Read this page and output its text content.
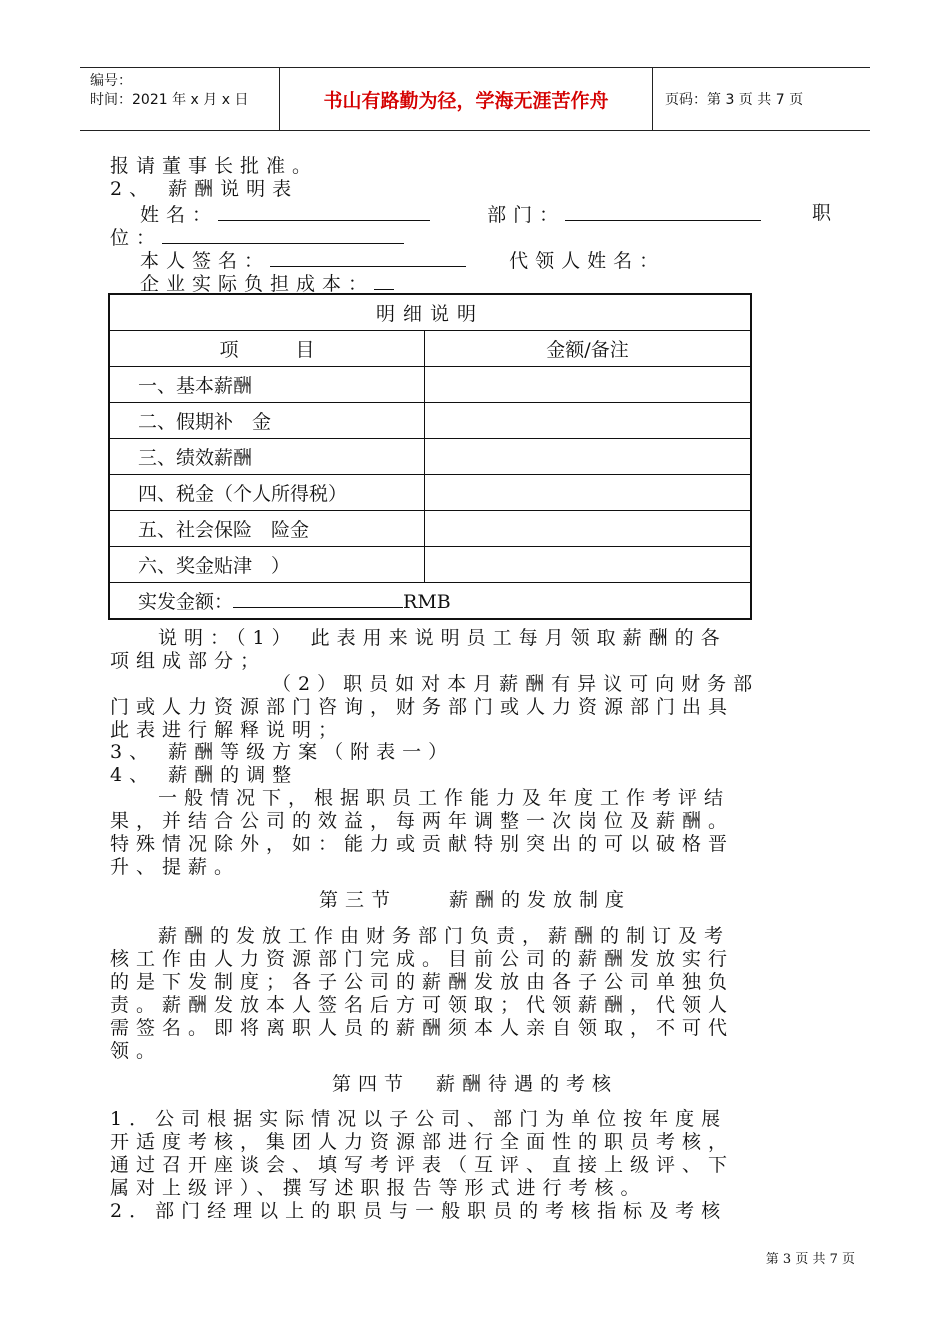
编号：
时间：2021 年 x 月 x 日	书山有路勤为径，学海无涯苦作舟	页码：第 3 页 共 7 页
报请董事长批准。
2、 薪酬说明表
姓名：	部门：	职
位：
本人签名：	代领人姓名：
企业实际负担成本：
明细说明	
项　　　目	金额/备注
一、基本薪酬	
二、假期补　金	
三、绩效薪酬	
四、税金（个人所得税）	
五、社会保险　险金	
六、奖金贴津　）	
实发金额： RMB	
说明：（1） 此表用来说明员工每月领取薪酬的各
项组成部分；
（2）职员如对本月薪酬有异议可向财务部
门或人力资源部门咨询，财务部门或人力资源部门出具
此表进行解释说明；
3、 薪酬等级方案（附表一）
4、 薪酬的调整
一般情况下，根据职员工作能力及年度工作考评结
果，并结合公司的效益，每两年调整一次岗位及薪酬。
特殊情况除外，如：能力或贡献特别突出的可以破格晋
升、提薪。
第三节　　薪酬的发放制度
薪酬的发放工作由财务部门负责，薪酬的制订及考
核工作由人力资源部门完成。目前公司的薪酬发放实行
的是下发制度；各子公司的薪酬发放由各子公司单独负
责。薪酬发放本人签名后方可领取；代领薪酬，代领人
需签名。即将离职人员的薪酬须本人亲自领取，不可代
领。
第四节　薪酬待遇的考核
1．公司根据实际情况以子公司、部门为单位按年度展
开适度考核，集团人力资源部进行全面性的职员考核，
通过召开座谈会、填写考评表（互评、直接上级评、下
属对上级评）、撰写述职报告等形式进行考核。
2．部门经理以上的职员与一般职员的考核指标及考核
第 3 页 共 7 页
